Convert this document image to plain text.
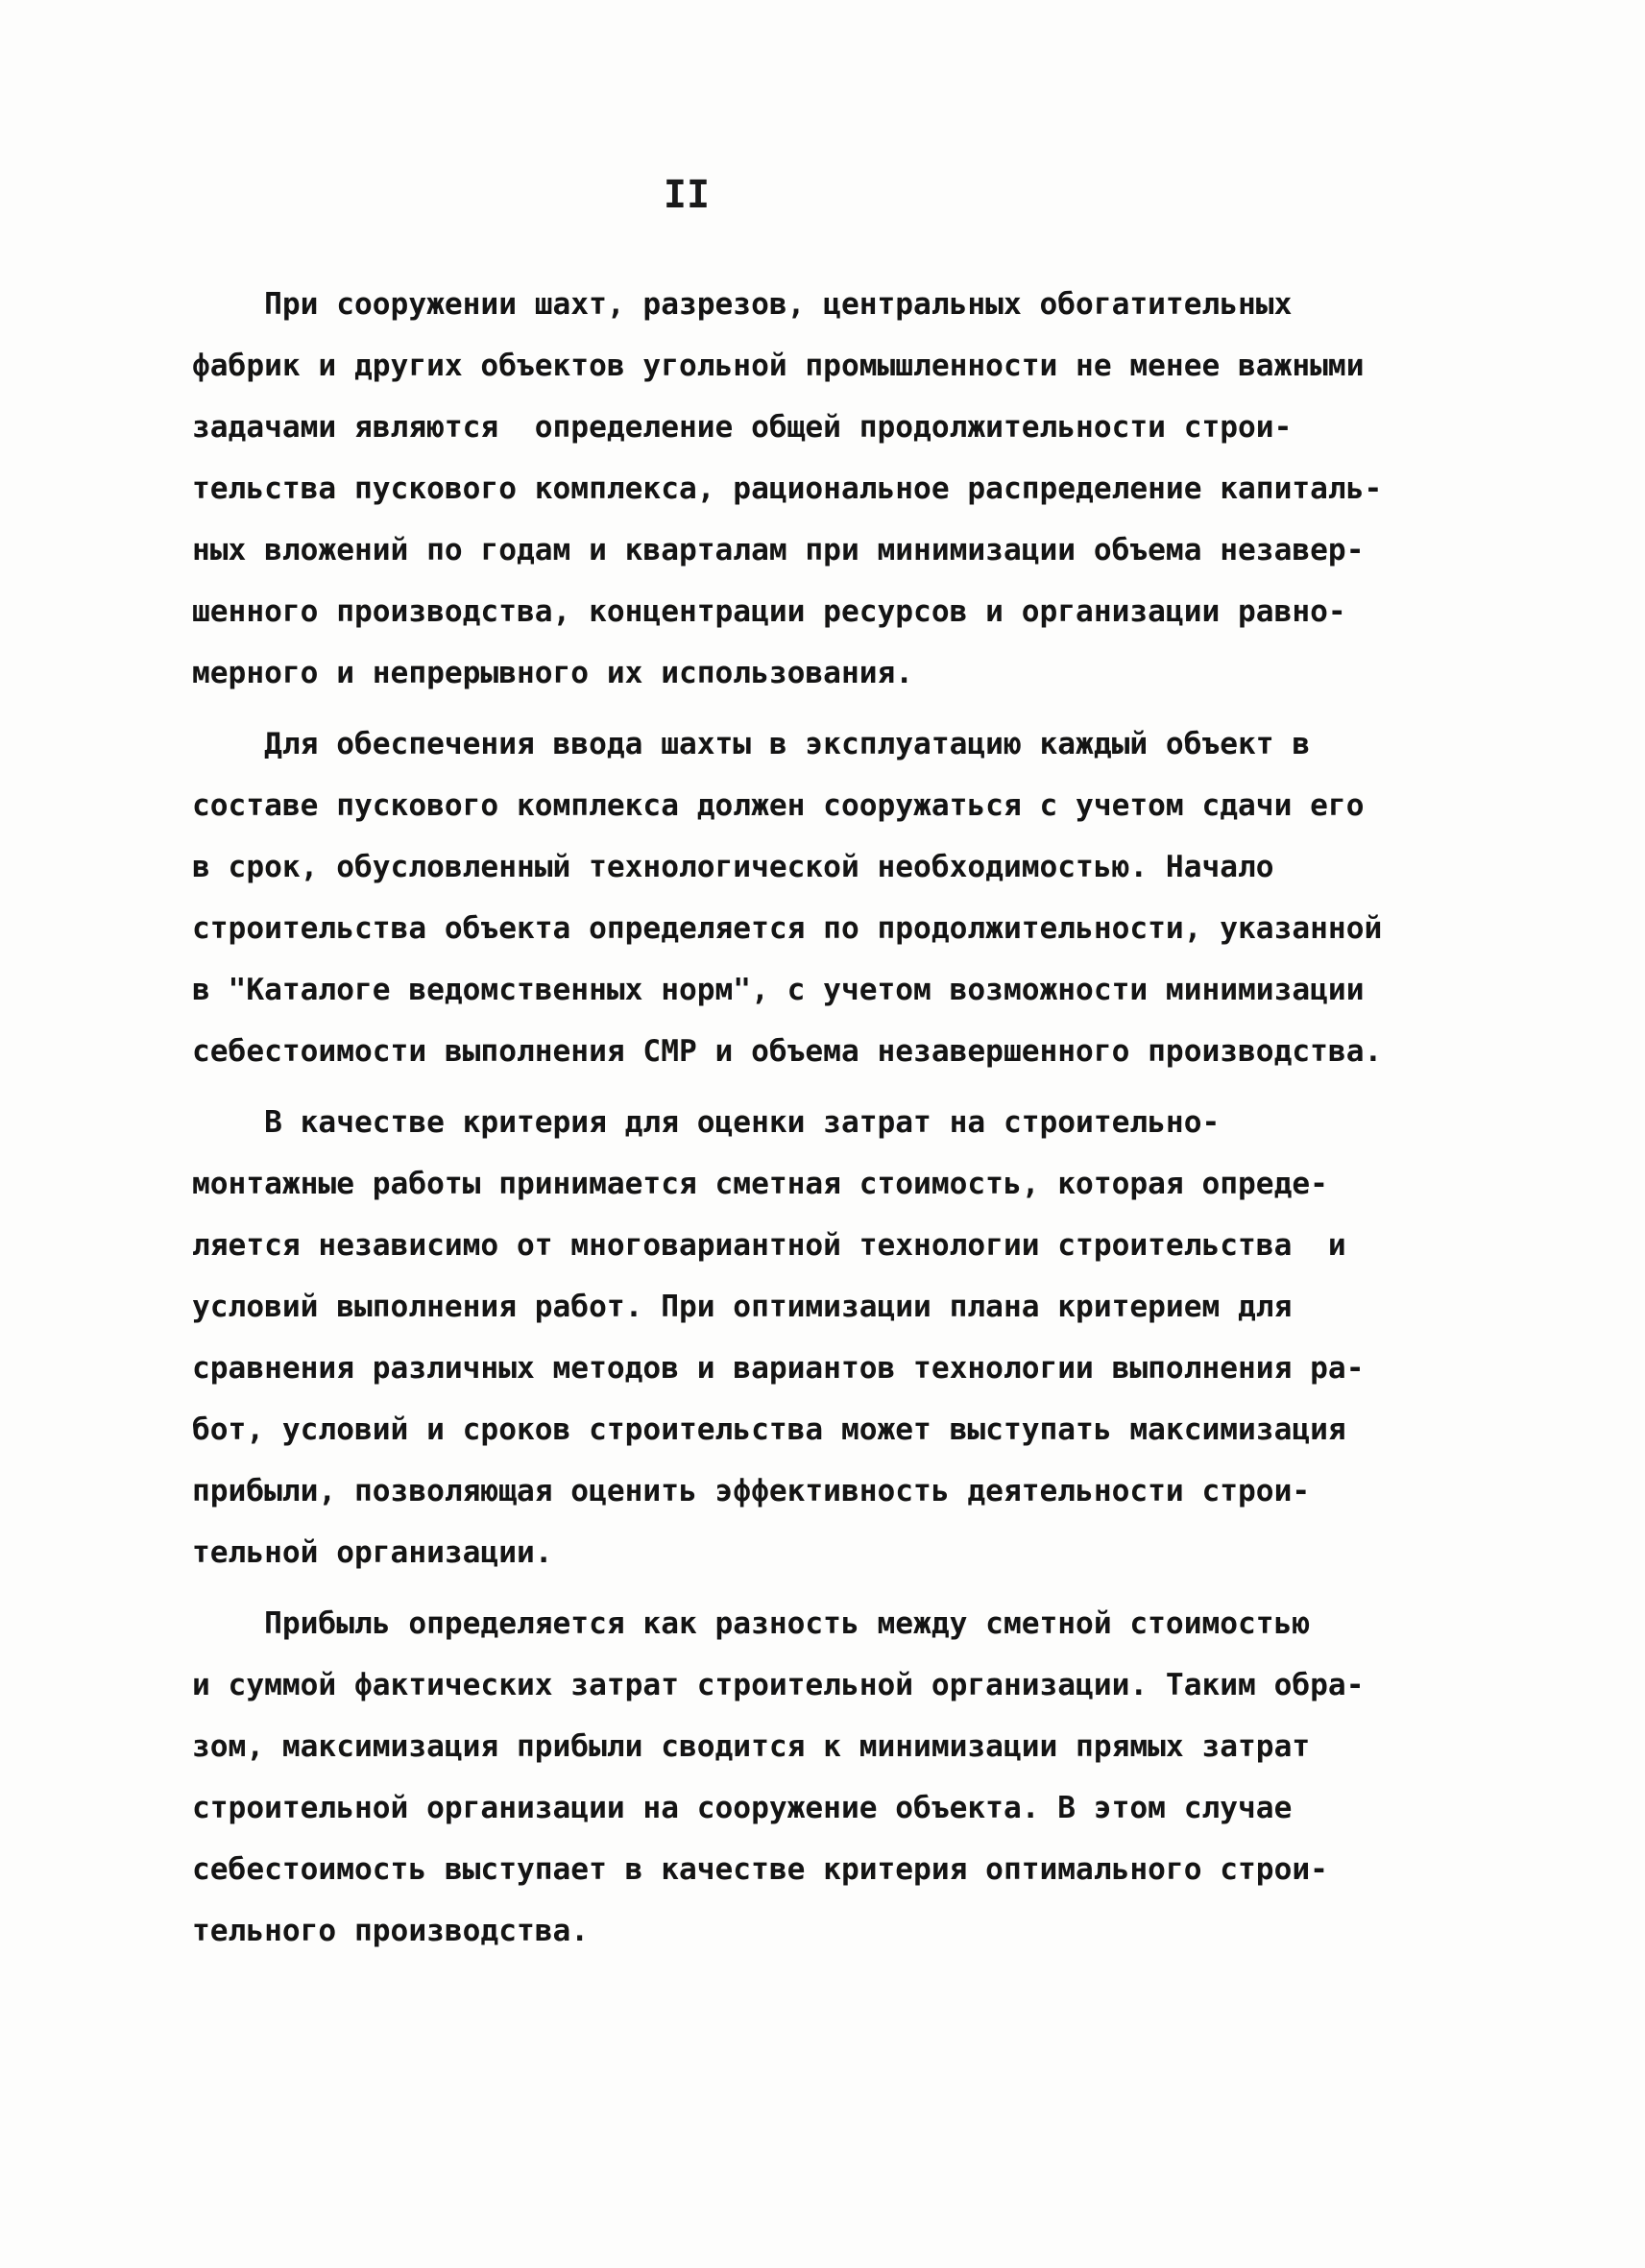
II
При сооружении шахт, разрезов, центральных обогатительных
фабрик и других объектов угольной промышленности не менее важными
задачами являются  определение общей продолжительности строи-
тельства пускового комплекса, рациональное распределение капиталь-
ных вложений по годам и кварталам при минимизации объема незавер-
шенного производства, концентрации ресурсов и организации равно-
мерного и непрерывного их использования.
Для обеспечения ввода шахты в эксплуатацию каждый объект в
составе пускового комплекса должен сооружаться с учетом сдачи его
в срок, обусловленный технологической необходимостью. Начало
строительства объекта определяется по продолжительности, указанной
в "Каталоге ведомственных норм", с учетом возможности минимизации
себестоимости выполнения СМР и объема незавершенного производства.
В качестве критерия для оценки затрат на строительно-
монтажные работы принимается сметная стоимость, которая опреде-
ляется независимо от многовариантной технологии строительства  и
условий выполнения работ. При оптимизации плана критерием для
сравнения различных методов и вариантов технологии выполнения ра-
бот, условий и сроков строительства может выступать максимизация
прибыли, позволяющая оценить эффективность деятельности строи-
тельной организации.
Прибыль определяется как разность между сметной стоимостью
и суммой фактических затрат строительной организации. Таким обра-
зом, максимизация прибыли сводится к минимизации прямых затрат
строительной организации на сооружение объекта. В этом случае
себестоимость выступает в качестве критерия оптимального строи-
тельного производства.
